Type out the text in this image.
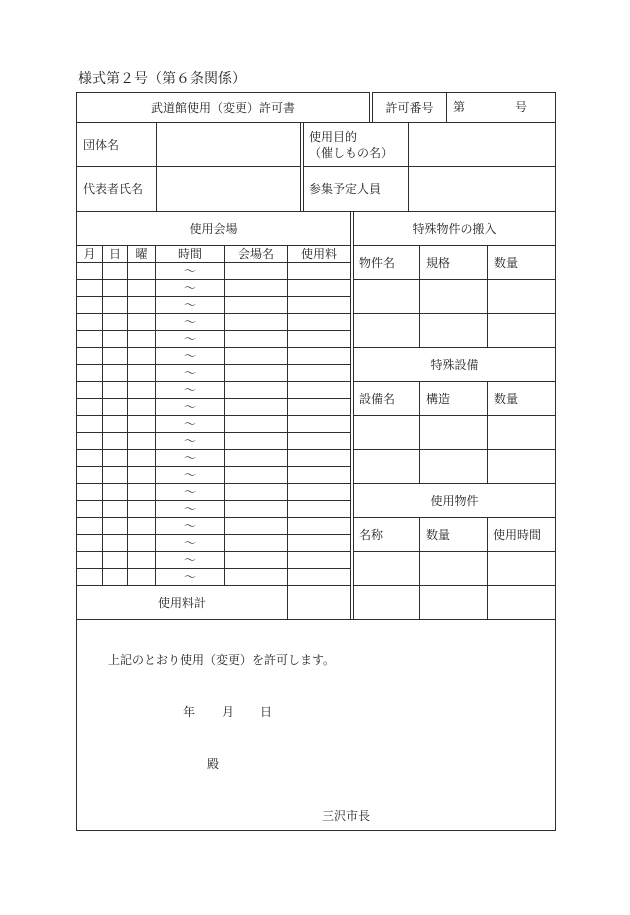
様式第２号（第６条関係）
武道館使用（変更）許可書	許可番号	第	号
団体名
使用目的
（催しもの名）
代表者氏名	参集予定人員
使用会場
月	日	曜	時間	会場名	使用料
〜
〜
〜
〜
〜
〜
〜
〜
〜
〜
〜
〜
〜
〜
〜
〜
〜
〜
〜
使用料計
特殊物件の搬入
物件名	規格	数量
特殊設備
設備名	構造	数量
使用物件
名称	数量	使用時間
上記のとおり使用（変更）を許可します。
年 月 日
殿
三沢市長
